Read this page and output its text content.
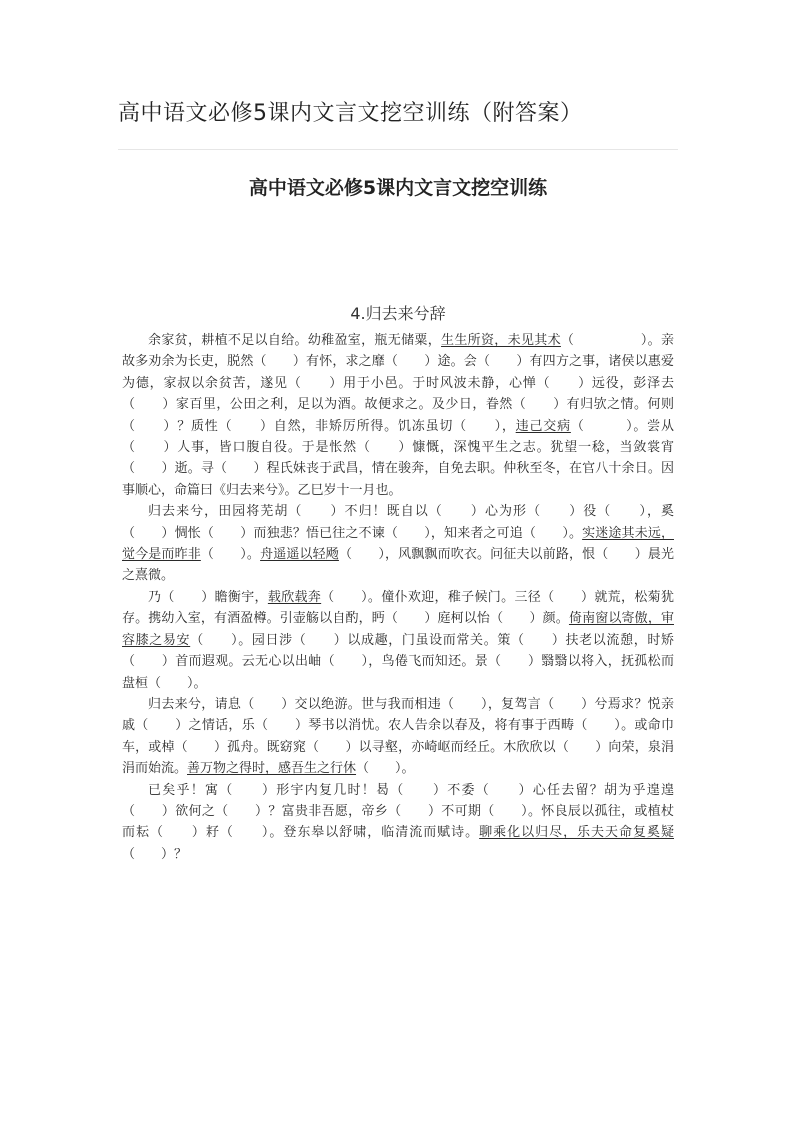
高中语文必修5课内文言文挖空训练（附答案）
高中语文必修5课内文言文挖空训练
4.归去来兮辞

余家贫，耕植不足以自给。幼稚盈室，瓶无储粟，生生所资，未见其术（　　　　　）。亲故多劝余为长吏，脱然（　　）有怀，求之靡（　　）途。会（　　）有四方之事，诸侯以惠爱为德，家叔以余贫苦，遂见（　　）用于小邑。于时风波未静，心惮（　　）远役，彭泽去（　　）家百里，公田之利，足以为酒。故便求之。及少日，眷然（　　）有归欤之情。何则（　　）？质性（　　）自然，非矫厉所得。饥冻虽切（　　），违己交病（　　　）。尝从（　　）人事，皆口腹自役。于是怅然（　　）慷慨，深愧平生之志。犹望一稔，当敛裳宵（　　）逝。寻（　　）程氏妹丧于武昌，情在骏奔，自免去职。仲秋至冬，在官八十余日。因事顺心，命篇曰《归去来兮》。乙巳岁十一月也。

归去来兮，田园将芜胡（　　）不归！既自以（　　）心为形（　　）役（　　），奚（　　）惆怅（　　）而独悲？悟已往之不谏（　　），知来者之可追（　　）。实迷途其未远，觉今是而昨非（　　）。舟遥遥以轻飏（　　），风飘飘而吹衣。问征夫以前路，恨（　　）晨光之熹微。

乃（　　）瞻衡宇，载欣载奔（　　）。僮仆欢迎，稚子候门。三径（　　）就荒，松菊犹存。携幼入室，有酒盈樽。引壶觞以自酌，眄（　　）庭柯以怡（　　）颜。倚南窗以寄傲，审容膝之易安（　　）。园日涉（　　）以成趣，门虽设而常关。策（　　）扶老以流憩，时矫（　　）首而遐观。云无心以出岫（　　），鸟倦飞而知还。景（　　）翳翳以将入，抚孤松而盘桓（　　）。

归去来兮，请息（　　）交以绝游。世与我而相违（　　），复驾言（　　）兮焉求？悦亲戚（　　）之情话，乐（　　）琴书以消忧。农人告余以春及，将有事于西畴（　　）。或命巾车，或棹（　　）孤舟。既窈窕（　　）以寻壑，亦崎岖而经丘。木欣欣以（　　）向荣，泉涓涓而始流。善万物之得时，感吾生之行休（　　）。

已矣乎！寓（　　）形宇内复几时！曷（　　）不委（　　）心任去留？胡为乎遑遑（　　）欲何之（　　）？富贵非吾愿，帝乡（　　）不可期（　　）。怀良辰以孤往，或植杖而耘（　　）耔（　　）。登东皋以舒啸，临清流而赋诗。聊乘化以归尽，乐夫天命复奚疑（　　）？
